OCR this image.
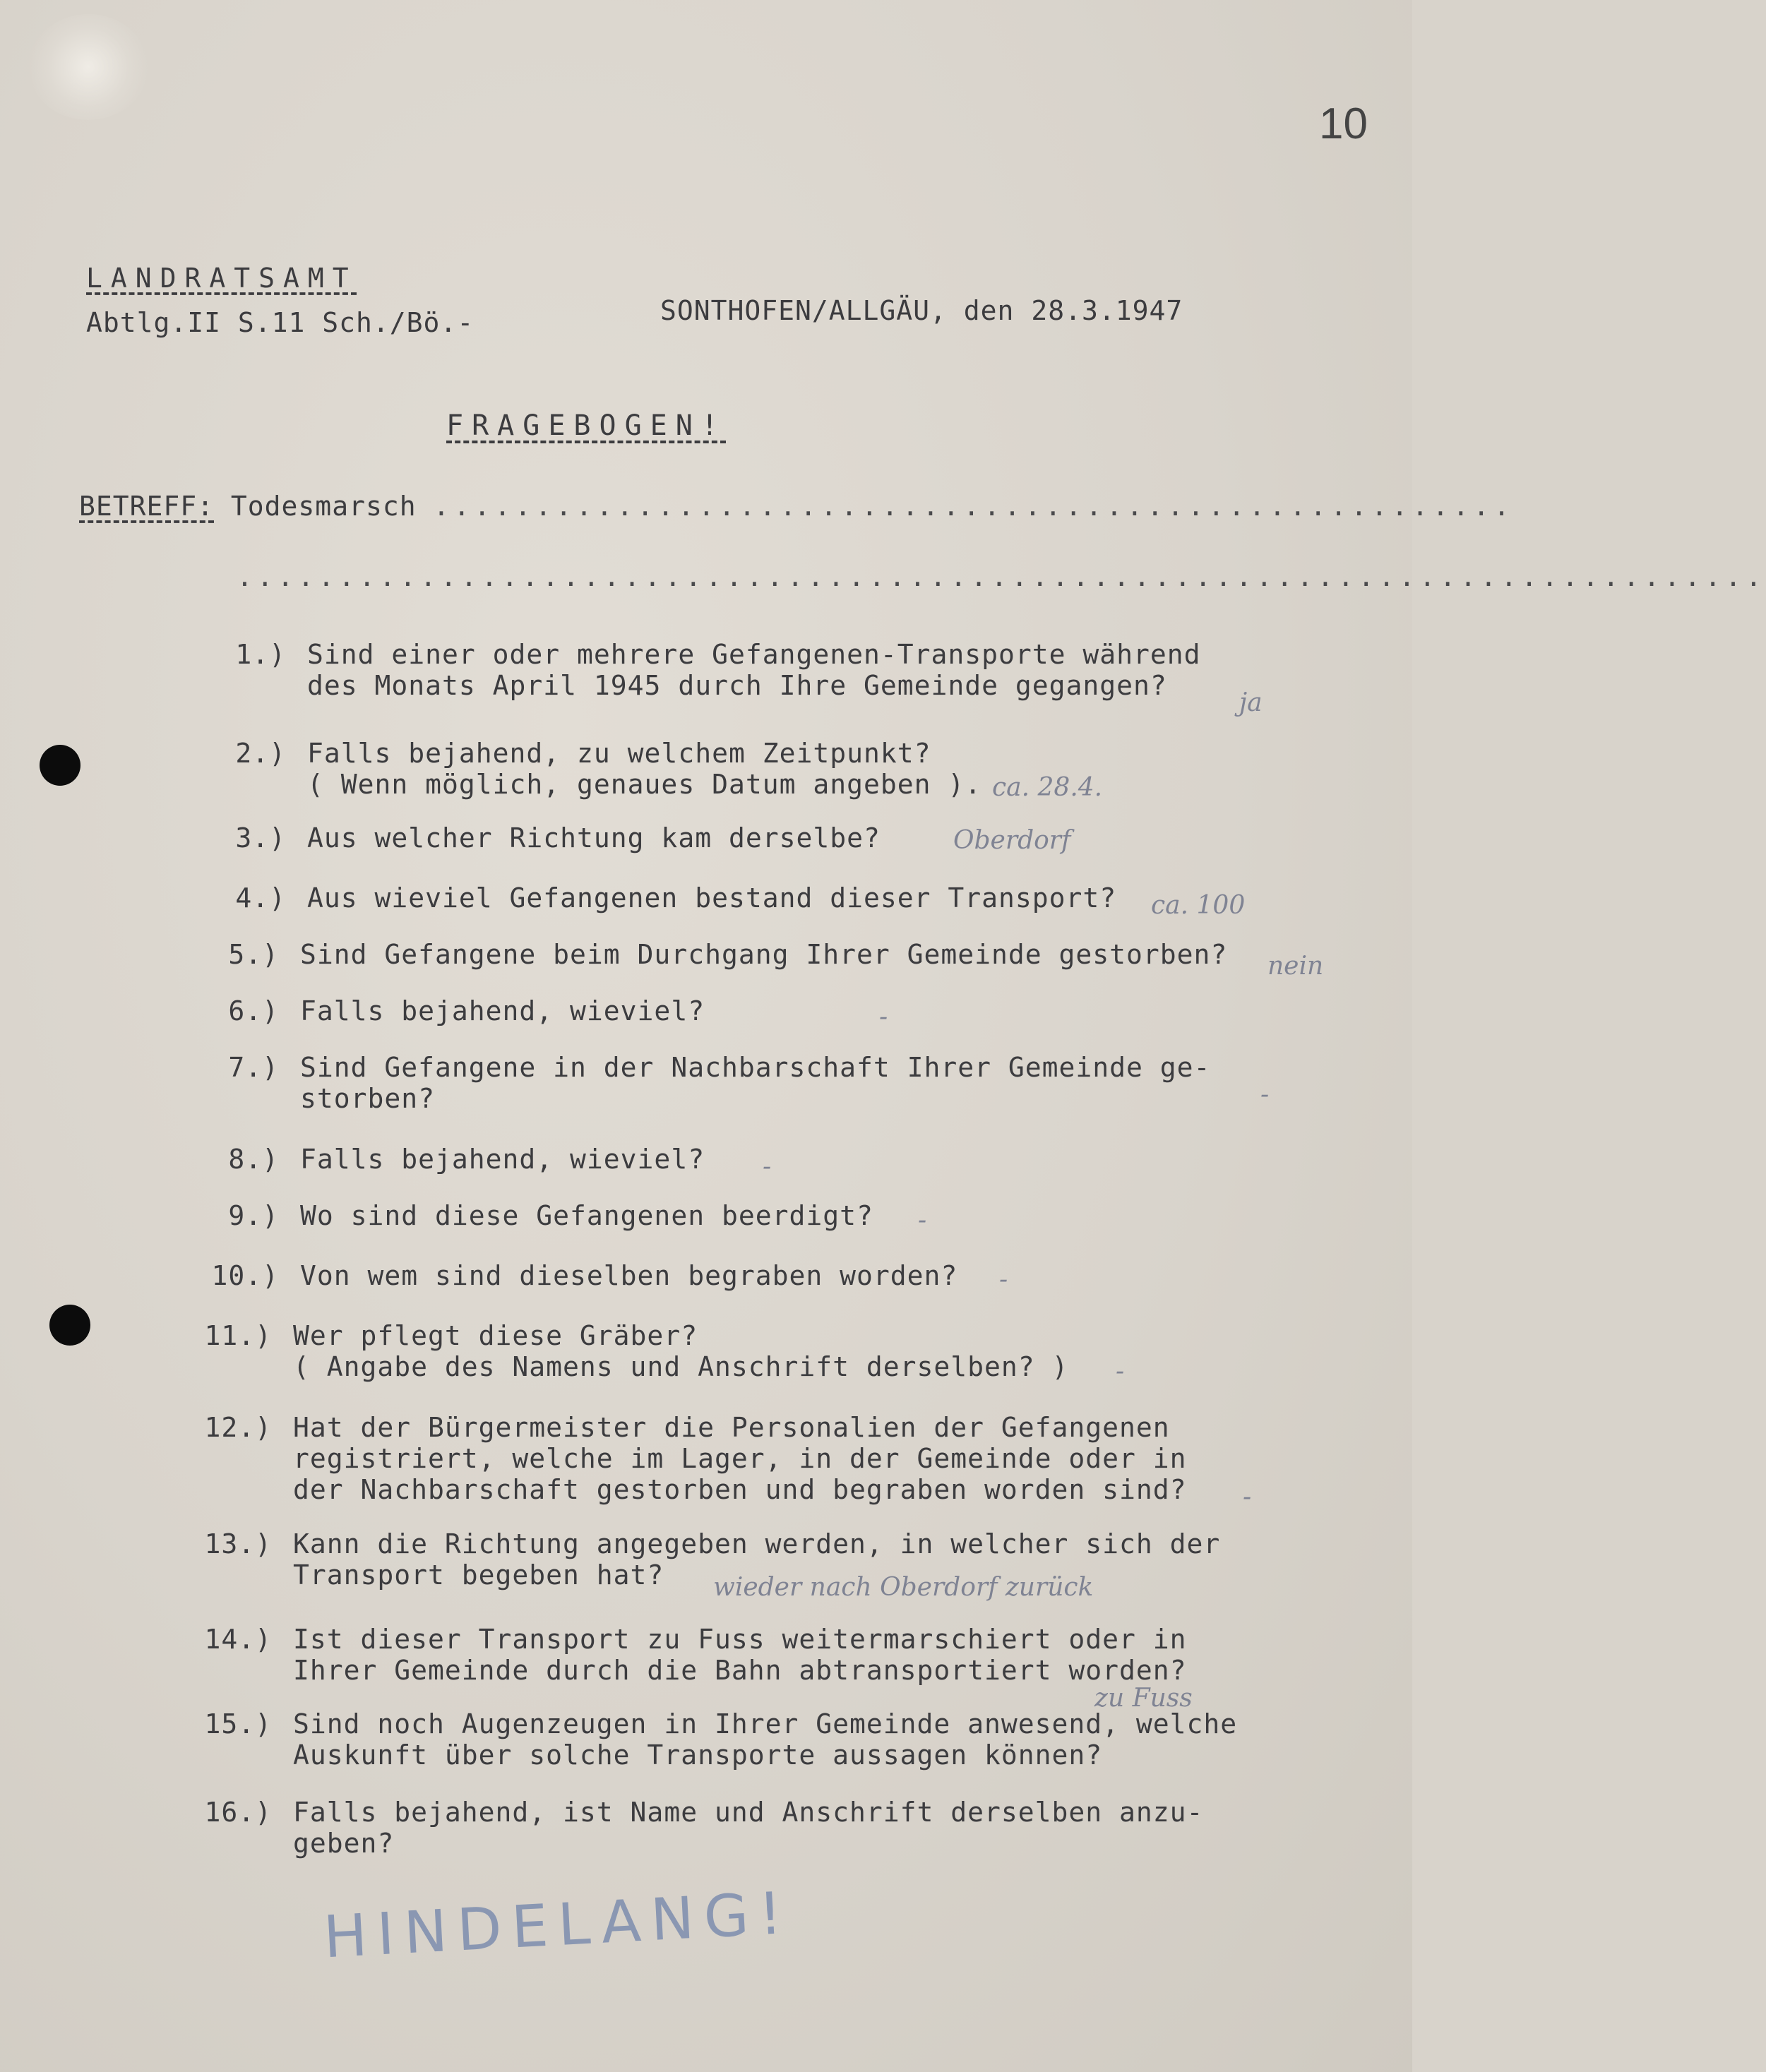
10
LANDRATSAMT
Abtlg.II S.11 Sch./Bö.-	SONTHOFEN/ALLGÄU, den 28.3.1947
FRAGEBOGEN!
BETREFF: Todesmarsch .....................................................
...........................................................................
1.) Sind einer oder mehrere Gefangenen-Transporte während
des Monats April 1945 durch Ihre Gemeinde gegangen?
ja
2.) Falls bejahend, zu welchem Zeitpunkt?
( Wenn möglich, genaues Datum angeben ). ca. 28.4.
3.) Aus welcher Richtung kam derselbe?	Oberdorf
4.) Aus wieviel Gefangenen bestand dieser Transport?	ca. 100
5.) Sind Gefangene beim Durchgang Ihrer Gemeinde gestorben?	nein
6.) Falls bejahend, wieviel?	-
7.) Sind Gefangene in der Nachbarschaft Ihrer Gemeinde ge-
storben?	-
8.) Falls bejahend, wieviel?	-
9.) Wo sind diese Gefangenen beerdigt?	-
10.) Von wem sind dieselben begraben worden?	-
11.) Wer pflegt diese Gräber?
( Angabe des Namens und Anschrift derselben? )	-
12.) Hat der Bürgermeister die Personalien der Gefangenen
registriert, welche im Lager, in der Gemeinde oder in
der Nachbarschaft gestorben und begraben worden sind?	-
13.) Kann die Richtung angegeben werden, in welcher sich der
Transport begeben hat?	wieder nach Oberdorf zurück
14.) Ist dieser Transport zu Fuss weitermarschiert oder in
Ihrer Gemeinde durch die Bahn abtransportiert worden?
zu Fuss
15.) Sind noch Augenzeugen in Ihrer Gemeinde anwesend, welche
Auskunft über solche Transporte aussagen können?
16.) Falls bejahend, ist Name und Anschrift derselben anzu-
geben?
HINDELANG!
